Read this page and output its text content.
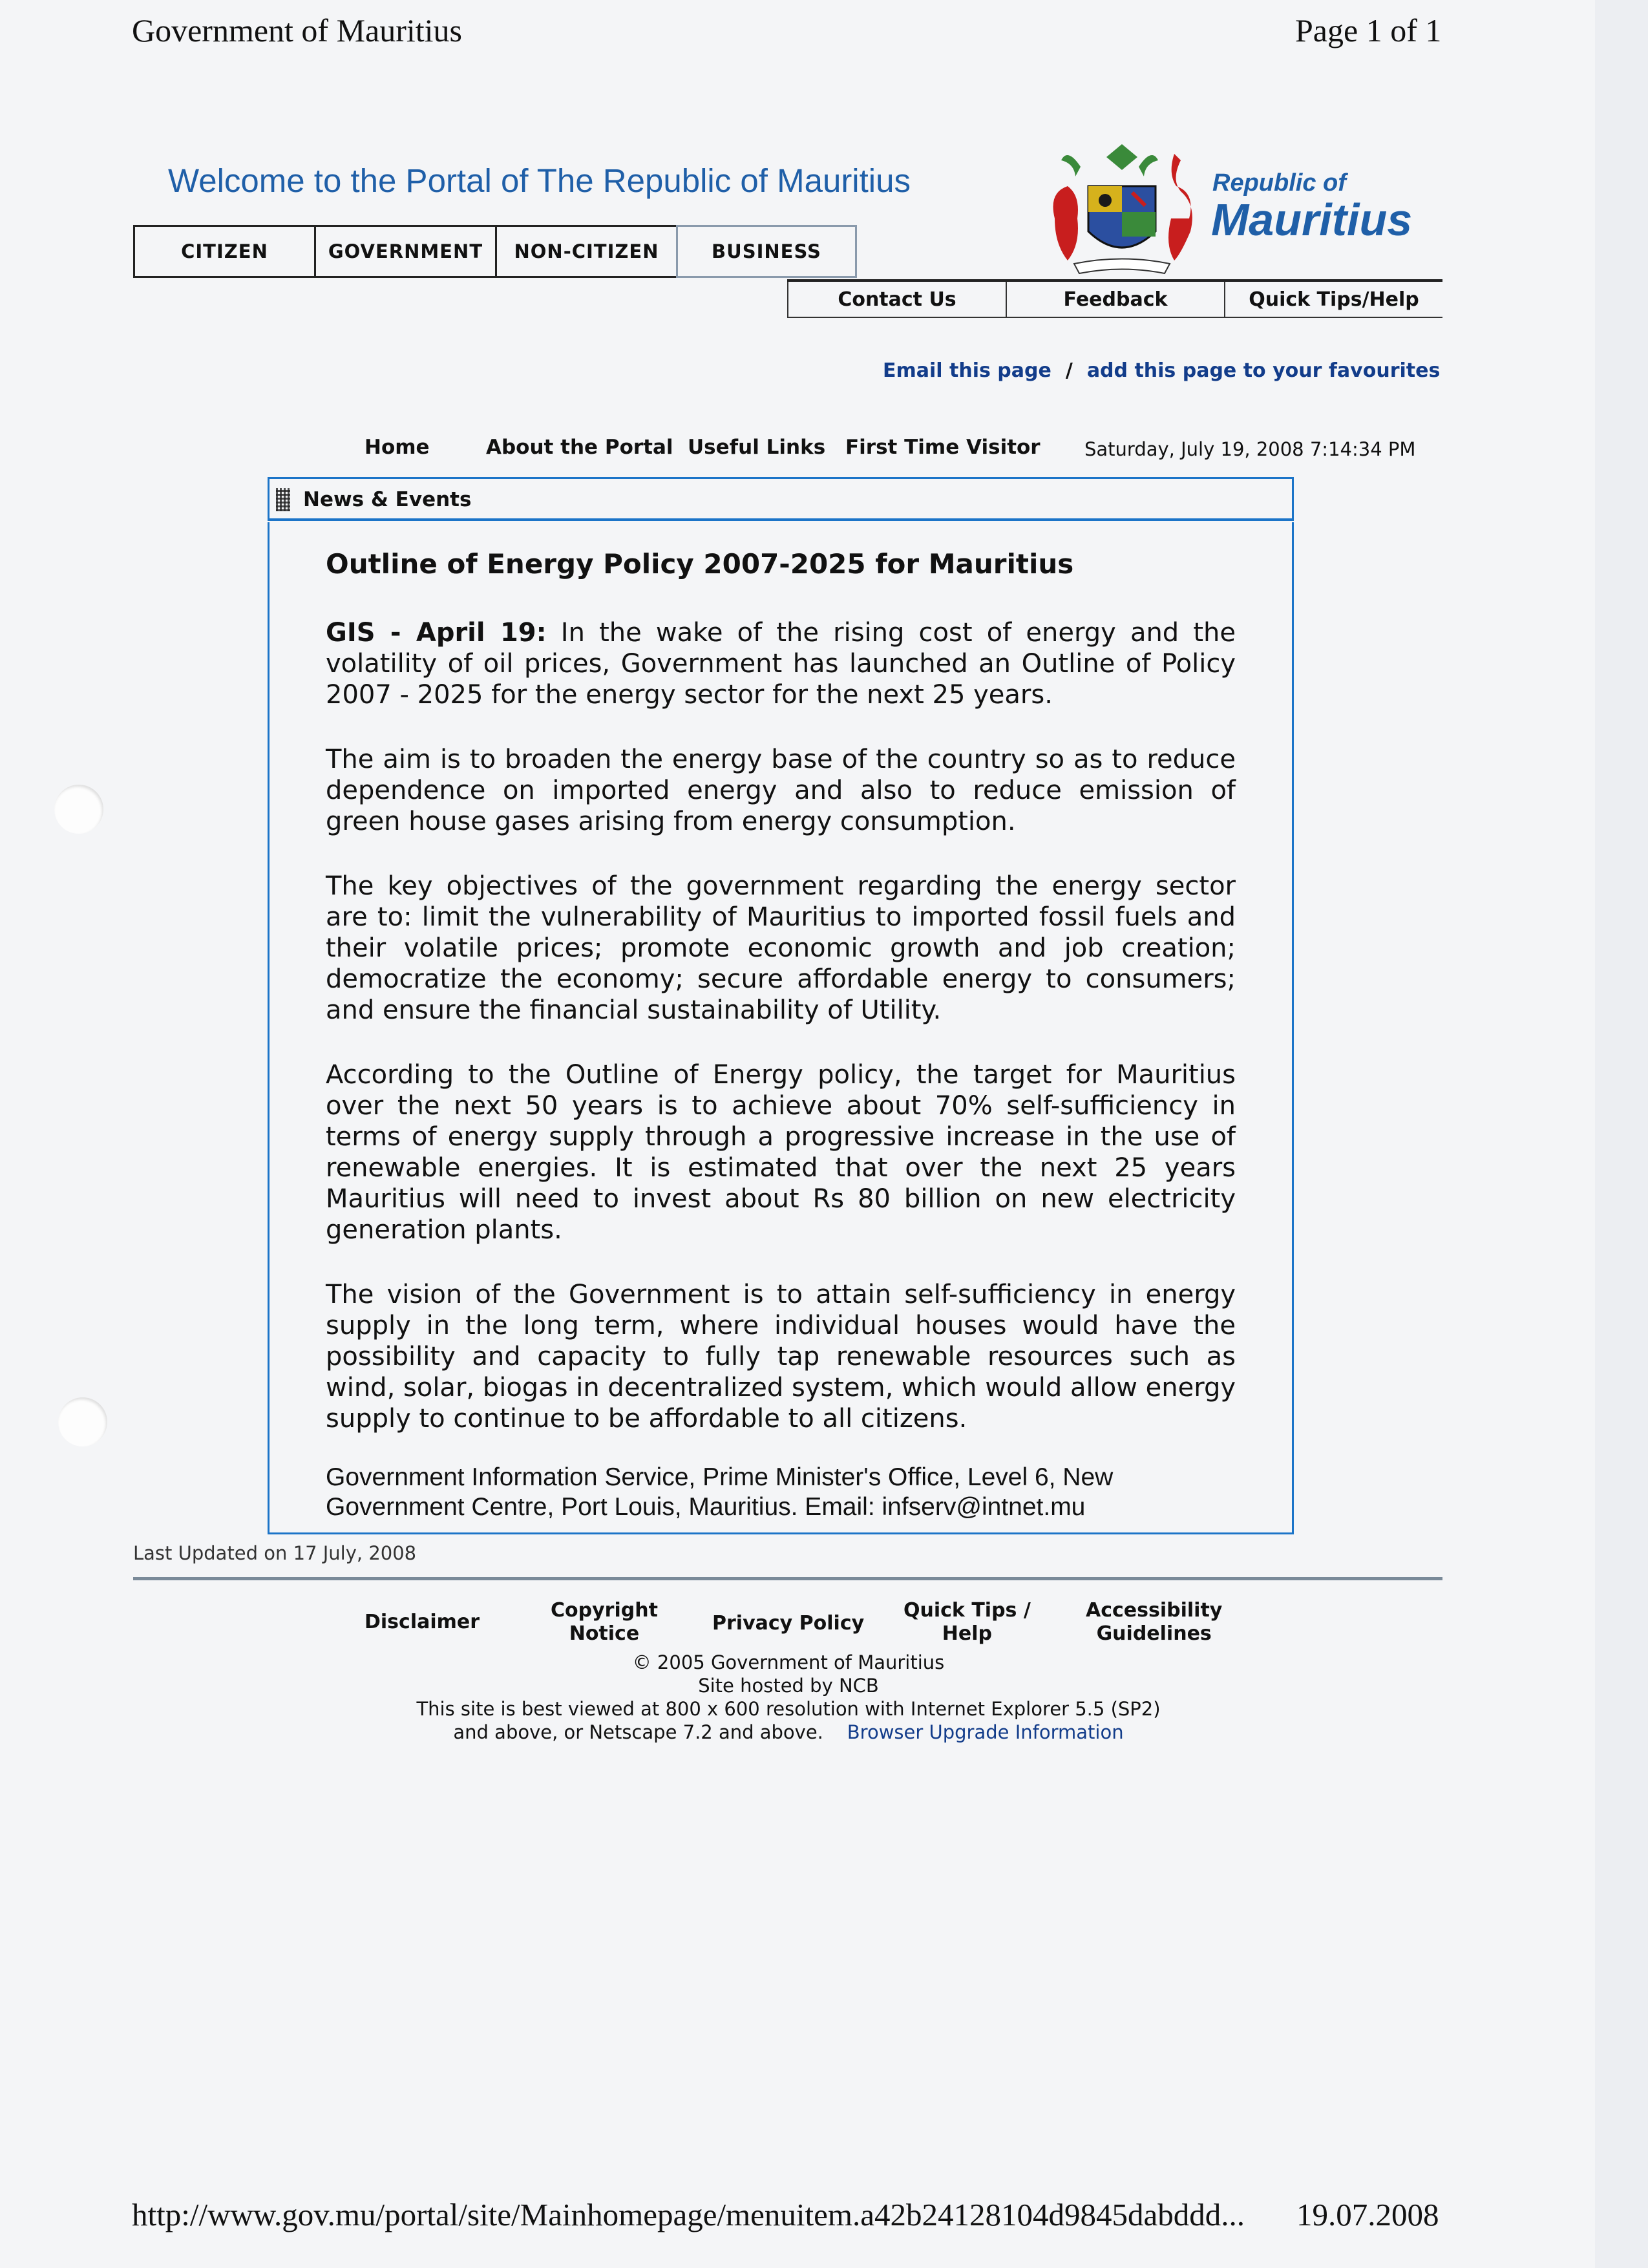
Government of Mauritius	Page 1 of 1
Welcome to the Portal of The Republic of Mauritius	Republic of
Mauritius
CITIZEN	GOVERNMENT	NON-CITIZEN	BUSINESS
Contact Us	Feedback	Quick Tips/Help
Email this page / add this page to your favourites
Home	About the Portal Useful Links First Time Visitor Saturday, July 19, 2008 7:14:34 PM
News & Events
Outline of Energy Policy 2007-2025 for Mauritius

GIS - April 19: In the wake of the rising cost of energy and the volatility of oil prices, Government has launched an Outline of Policy 2007 - 2025 for the energy sector for the next 25 years.

The aim is to broaden the energy base of the country so as to reduce dependence on imported energy and also to reduce emission of green house gases arising from energy consumption.

The key objectives of the government regarding the energy sector are to: limit the vulnerability of Mauritius to imported fossil fuels and their volatile prices; promote economic growth and job creation; democratize the economy; secure affordable energy to consumers; and ensure the financial sustainability of Utility.

According to the Outline of Energy policy, the target for Mauritius over the next 50 years is to achieve about 70% self-sufficiency in terms of energy supply through a progressive increase in the use of renewable energies. It is estimated that over the next 25 years Mauritius will need to invest about Rs 80 billion on new electricity generation plants.

The vision of the Government is to attain self-sufficiency in energy supply in the long term, where individual houses would have the possibility and capacity to fully tap renewable resources such as wind, solar, biogas in decentralized system, which would allow energy supply to continue to be affordable to all citizens.

Government Information Service, Prime Minister's Office, Level 6, New Government Centre, Port Louis, Mauritius. Email: infserv@intnet.mu
Last Updated on 17 July, 2008
Disclaimer
Copyright
Notice	Privacy Policy
Quick Tips /
Help
Accessibility
Guidelines
© 2005 Government of Mauritius
Site hosted by NCB
This site is best viewed at 800 x 600 resolution with Internet Explorer 5.5 (SP2)
and above, or Netscape 7.2 and above. Browser Upgrade Information
http://www.gov.mu/portal/site/Mainhomepage/menuitem.a42b24128104d9845dabddd... 19.07.2008
